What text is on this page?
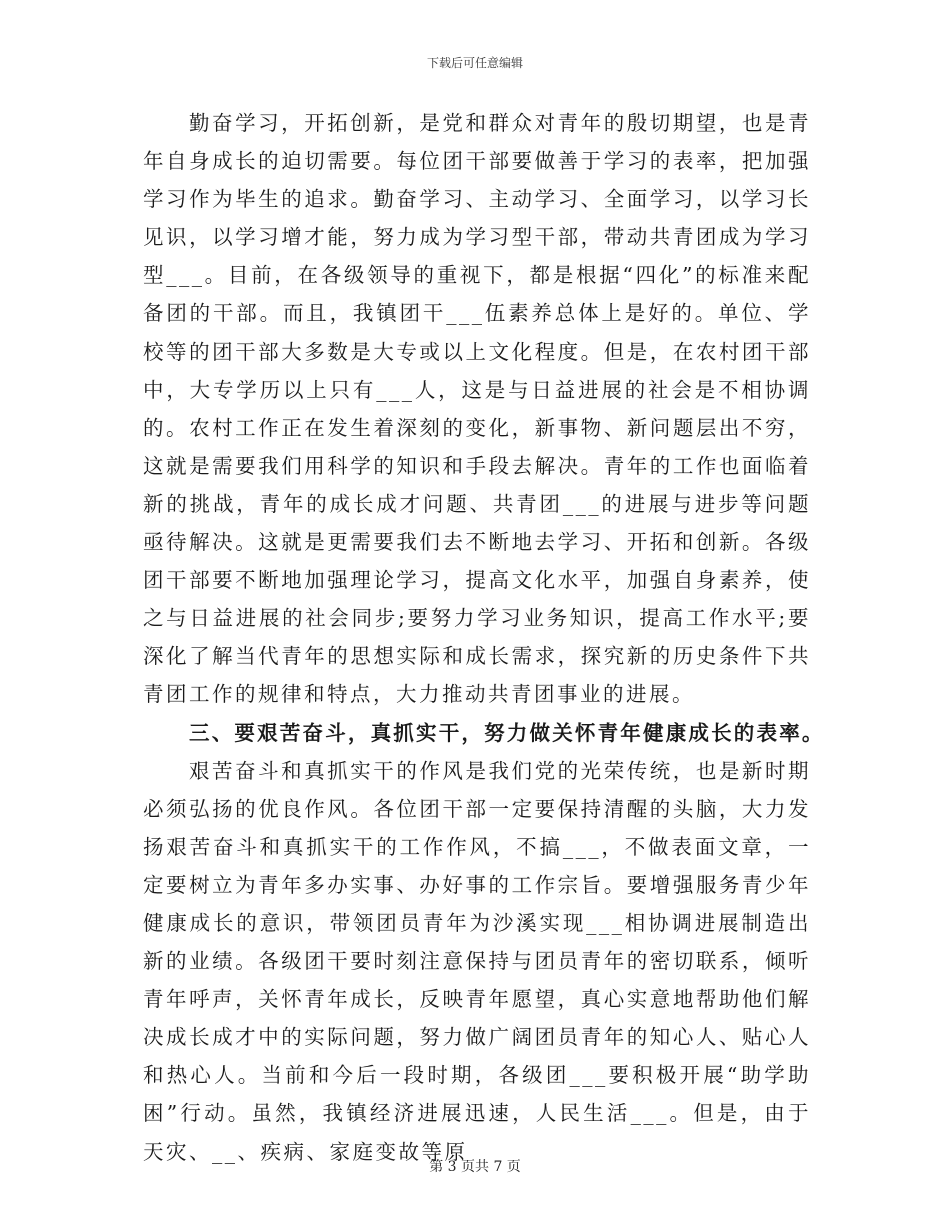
下载后可任意编辑

勤奋学习，开拓创新，是党和群众对青年的殷切期望，也是青年自身成长的迫切需要。每位团干部要做善于学习的表率，把加强学习作为毕生的追求。勤奋学习、主动学习、全面学习，以学习长见识，以学习增才能，努力成为学习型干部，带动共青团成为学习型___。目前，在各级领导的重视下，都是根据“四化”的标准来配备团的干部。而且，我镇团干___伍素养总体上是好的。单位、学校等的团干部大多数是大专或以上文化程度。但是，在农村团干部中，大专学历以上只有___人，这是与日益进展的社会是不相协调的。农村工作正在发生着深刻的变化，新事物、新问题层出不穷，这就是需要我们用科学的知识和手段去解决。青年的工作也面临着新的挑战，青年的成长成才问题、共青团___的进展与进步等问题亟待解决。这就是更需要我们去不断地去学习、开拓和创新。各级团干部要不断地加强理论学习，提高文化水平，加强自身素养，使之与日益进展的社会同步;要努力学习业务知识，提高工作水平;要深化了解当代青年的思想实际和成长需求，探究新的历史条件下共青团工作的规律和特点，大力推动共青团事业的进展。

三、要艰苦奋斗，真抓实干，努力做关怀青年健康成长的表率。

艰苦奋斗和真抓实干的作风是我们党的光荣传统，也是新时期必须弘扬的优良作风。各位团干部一定要保持清醒的头脑，大力发扬艰苦奋斗和真抓实干的工作作风，不搞___，不做表面文章，一定要树立为青年多办实事、办好事的工作宗旨。要增强服务青少年健康成长的意识，带领团员青年为沙溪实现___相协调进展制造出新的业绩。各级团干要时刻注意保持与团员青年的密切联系，倾听青年呼声，关怀青年成长，反映青年愿望，真心实意地帮助他们解决成长成才中的实际问题，努力做广阔团员青年的知心人、贴心人和热心人。当前和今后一段时期，各级团___要积极开展“助学助困”行动。虽然，我镇经济进展迅速，人民生活___。但是，由于天灾、__、疾病、家庭变故等原

第 3 页共 7 页
